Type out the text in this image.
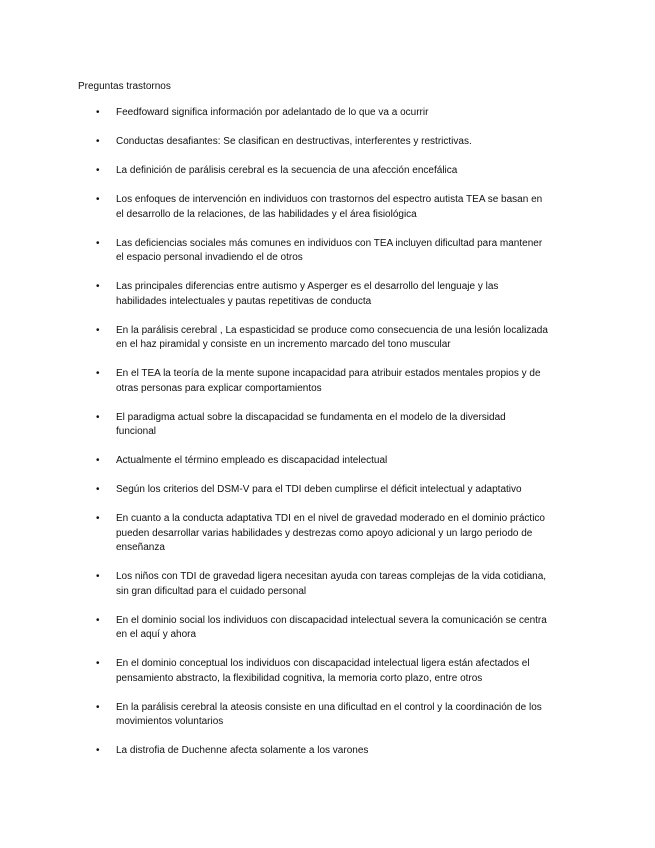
Preguntas trastornos
• Feedfoward significa información por adelantado de lo que va a ocurrir
• Conductas desafiantes: Se clasifican en destructivas, interferentes y restrictivas.
• La definición de parálisis cerebral es la secuencia de una afección encefálica
• Los enfoques de intervención en individuos con trastornos del espectro autista TEA se basan en
el desarrollo de la relaciones, de las habilidades y el área fisiológica
• Las deficiencias sociales más comunes en individuos con TEA incluyen dificultad para mantener
el espacio personal invadiendo el de otros
• Las principales diferencias entre autismo y Asperger es el desarrollo del lenguaje y las
habilidades intelectuales y pautas repetitivas de conducta
• En la parálisis cerebral , La espasticidad se produce como consecuencia de una lesión localizada
en el haz piramidal y consiste en un incremento marcado del tono muscular
• En el TEA la teoría de la mente supone incapacidad para atribuir estados mentales propios y de
otras personas para explicar comportamientos
• El paradigma actual sobre la discapacidad se fundamenta en el modelo de la diversidad
funcional
• Actualmente el término empleado es discapacidad intelectual
• Según los criterios del DSM-V para el TDI deben cumplirse el déficit intelectual y adaptativo
• En cuanto a la conducta adaptativa TDI en el nivel de gravedad moderado en el dominio práctico
pueden desarrollar varias habilidades y destrezas como apoyo adicional y un largo periodo de
enseñanza
• Los niños con TDI de gravedad ligera necesitan ayuda con tareas complejas de la vida cotidiana,
sin gran dificultad para el cuidado personal
• En el dominio social los individuos con discapacidad intelectual severa la comunicación se centra
en el aquí y ahora
• En el dominio conceptual los individuos con discapacidad intelectual ligera están afectados el
pensamiento abstracto, la flexibilidad cognitiva, la memoria corto plazo, entre otros
• En la parálisis cerebral la ateosis consiste en una dificultad en el control y la coordinación de los
movimientos voluntarios
• La distrofia de Duchenne afecta solamente a los varones
